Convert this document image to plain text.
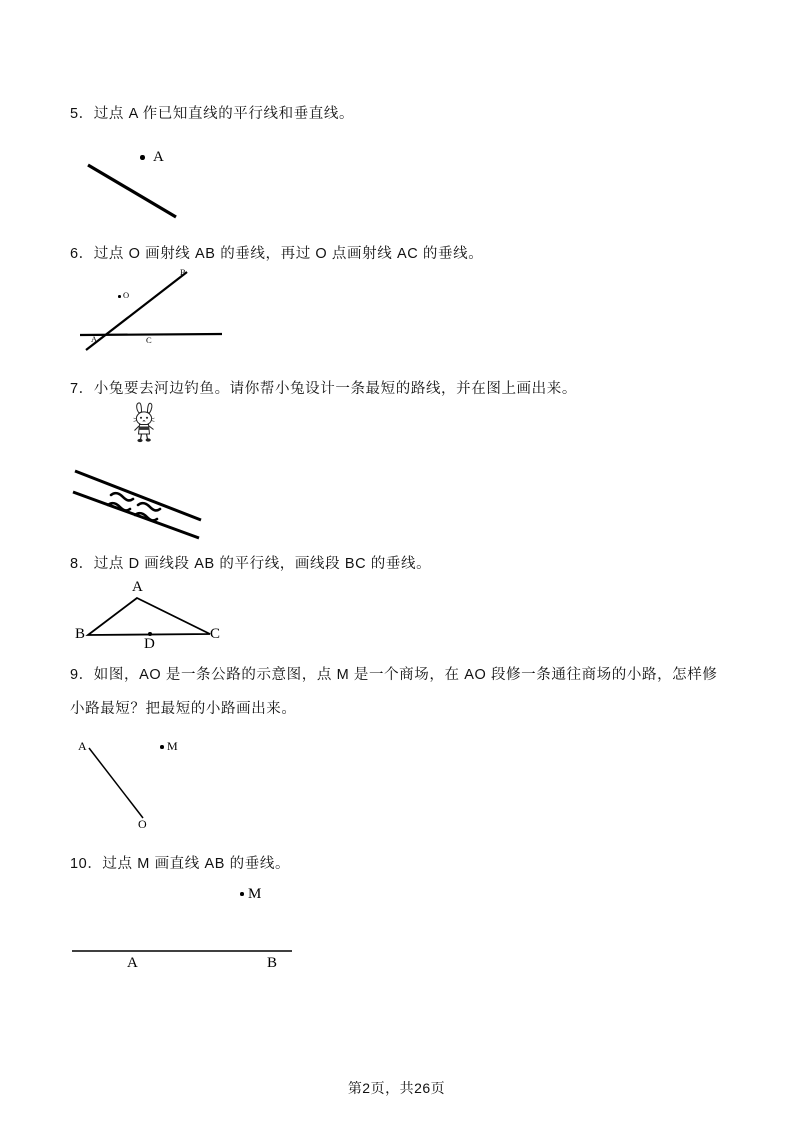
5．过点 A 作已知直线的平行线和垂直线。
A
6．过点 O 画射线 AB 的垂线，再过 O 点画射线 AC 的垂线。
A
B
C
O
7．小兔要去河边钓鱼。请你帮小兔设计一条最短的路线，并在图上画出来。
8．过点 D 画线段 AB 的平行线，画线段 BC 的垂线。
A
B	C
D
9．如图，AO 是一条公路的示意图，点 M 是一个商场，在 AO 段修一条通往商场的小路，怎样修小路最短？把最短的小路画出来。
A
O
M
10．过点 M 画直线 AB 的垂线。
M
A	B
第2页，共26页
